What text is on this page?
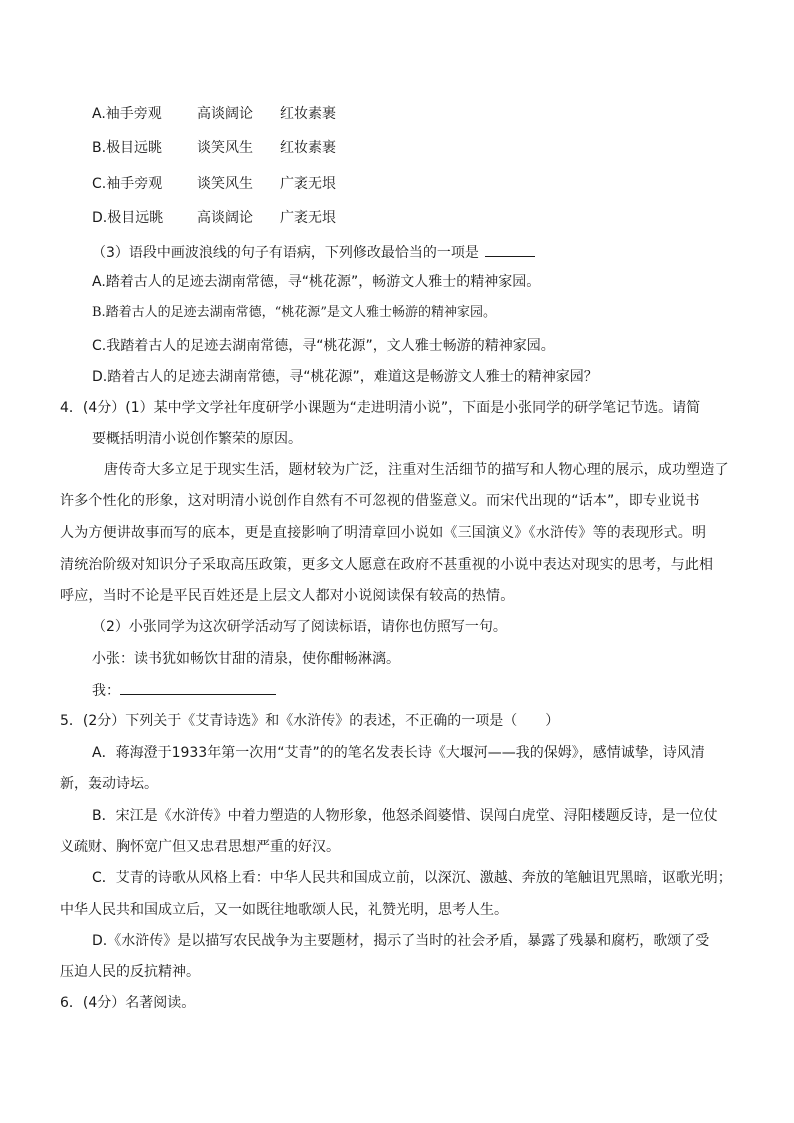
A.袖手旁观	高谈阔论 红妆素裹
B.极目远眺 谈笑风生 红妆素裹
C.袖手旁观 谈笑风生 广袤无垠
D.极目远眺 高谈阔论 广袤无垠
（3）语段中画波浪线的句子有语病，下列修改最恰当的一项是
A.踏着古人的足迹去湖南常德，寻“桃花源”，畅游文人雅士的精神家园。
B.踏着古人的足迹去湖南常德，“桃花源”是文人雅士畅游的精神家园。
C.我踏着古人的足迹去湖南常德，寻“桃花源”，文人雅士畅游的精神家园。
D.踏着古人的足迹去湖南常德，寻“桃花源”，难道这是畅游文人雅士的精神家园？
4．(4分）(1）某中学文学社年度研学小课题为“走进明清小说”，下面是小张同学的研学笔记节选。请简
要概括明清小说创作繁荣的原因。
唐传奇大多立足于现实生活，题材较为广泛，注重对生活细节的描写和人物心理的展示，成功塑造了
许多个性化的形象，这对明清小说创作自然有不可忽视的借鉴意义。而宋代出现的“话本”，即专业说书
人为方便讲故事而写的底本，更是直接影响了明清章回小说如《三国演义》《水浒传》等的表现形式。明
清统治阶级对知识分子采取高压政策，更多文人愿意在政府不甚重视的小说中表达对现实的思考，与此相
呼应，当时不论是平民百姓还是上层文人都对小说阅读保有较高的热情。
（2）小张同学为这次研学活动写了阅读标语，请你也仿照写一句。
小张：读书犹如畅饮甘甜的清泉，使你酣畅淋漓。
我：
5．(2分）下列关于《艾青诗选》和《水浒传》的表述，不正确的一项是（　　）
A．蒋海澄于1933年第一次用“艾青”的的笔名发表长诗《大堰河——我的保姆》，感情诚挚，诗风清
新，轰动诗坛。
B．宋江是《水浒传》中着力塑造的人物形象，他怒杀阎婆惜、误闯白虎堂、浔阳楼题反诗，是一位仗
义疏财、胸怀宽广但又忠君思想严重的好汉。
C．艾青的诗歌从风格上看：中华人民共和国成立前，以深沉、激越、奔放的笔触诅咒黑暗，讴歌光明；
中华人民共和国成立后，又一如既往地歌颂人民，礼赞光明，思考人生。
D.《水浒传》是以描写农民战争为主要题材，揭示了当时的社会矛盾，暴露了残暴和腐朽，歌颂了受
压迫人民的反抗精神。
6．(4分）名著阅读。
